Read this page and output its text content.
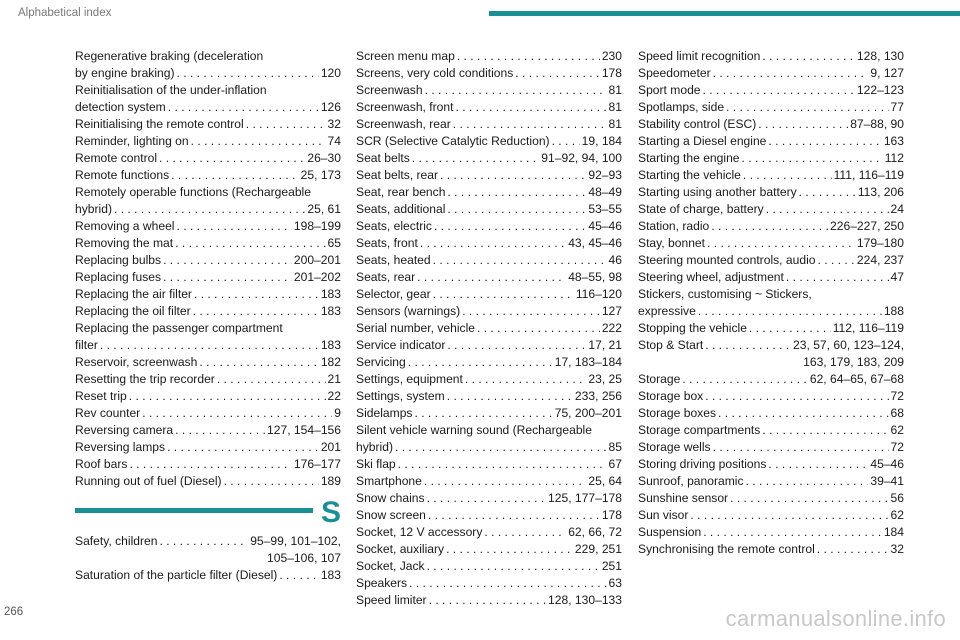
Alphabetical index
Regenerative braking (deceleration
by engine braking) . . .	120
Reinitialisation of the under-inflation
detection system . . .	126
Reinitialising the remote control . . .	32
Reminder, lighting on . . .	74
Remote control . . .	26–30
Remote functions . . .	25, 173
Remotely operable functions (Rechargeable
hybrid) . . .	25, 61
Removing a wheel . . .	198–199
Removing the mat . . .	65
Replacing bulbs . . .	200–201
Replacing fuses . . .	201–202
Replacing the air filter . . .	183
Replacing the oil filter . . .	183
Replacing the passenger compartment
filter . . .	183
Reservoir, screenwash . . .	182
Resetting the trip recorder . . .	21
Reset trip . . .	22
Rev counter . . .	9
Reversing camera . . .	127, 154–156
Reversing lamps . . .	201
Roof bars . . .	176–177
Running out of fuel (Diesel) . . .	189
S
Safety, children . . .	95–99, 101–102,
105–106, 107
Saturation of the particle filter (Diesel) . . .	183
Screen menu map . . .	230
Screens, very cold conditions . . .	178
Screenwash . . .	81
Screenwash, front . . .	81
Screenwash, rear . . .	81
SCR (Selective Catalytic Reduction) . . .	19, 184
Seat belts . . .	91–92, 94, 100
Seat belts, rear . . .	92–93
Seat, rear bench . . .	48–49
Seats, additional . . .	53–55
Seats, electric . . .	45–46
Seats, front . . .	43, 45–46
Seats, heated . . .	46
Seats, rear . . .	48–55, 98
Selector, gear . . .	116–120
Sensors (warnings) . . .	127
Serial number, vehicle . . .	222
Service indicator . . .	17, 21
Servicing . . .	17, 183–184
Settings, equipment . . .	23, 25
Settings, system . . .	233, 256
Sidelamps . . .	75, 200–201
Silent vehicle warning sound (Rechargeable
hybrid) . . .	85
Ski flap . . .	67
Smartphone . . .	25, 64
Snow chains . . .	125, 177–178
Snow screen . . .	178
Socket, 12 V accessory . . .	62, 66, 72
Socket, auxiliary . . .	229, 251
Socket, Jack . . .	251
Speakers . . .	63
Speed limiter . . .	128, 130–133
Speed limit recognition . . .	128, 130
Speedometer . . .	9, 127
Sport mode . . .	122–123
Spotlamps, side . . .	77
Stability control (ESC) . . .	87–88, 90
Starting a Diesel engine . . .	163
Starting the engine . . .	112
Starting the vehicle . . .	111, 116–119
Starting using another battery . . .	113, 206
State of charge, battery . . .	24
Station, radio . . .	226–227, 250
Stay, bonnet . . .	179–180
Steering mounted controls, audio . . .	224, 237
Steering wheel, adjustment . . .	47
Stickers, customising ~ Stickers,
expressive . . .	188
Stopping the vehicle . . .	112, 116–119
Stop & Start . . .	23, 57, 60, 123–124,
163, 179, 183, 209
Storage . . .	62, 64–65, 67–68
Storage box . . .	72
Storage boxes . . .	68
Storage compartments . . .	62
Storage wells . . .	72
Storing driving positions . . .	45–46
Sunroof, panoramic . . .	39–41
Sunshine sensor . . .	56
Sun visor . . .	62
Suspension . . .	184
Synchronising the remote control . . .	32
266	carmanualsonline.info
